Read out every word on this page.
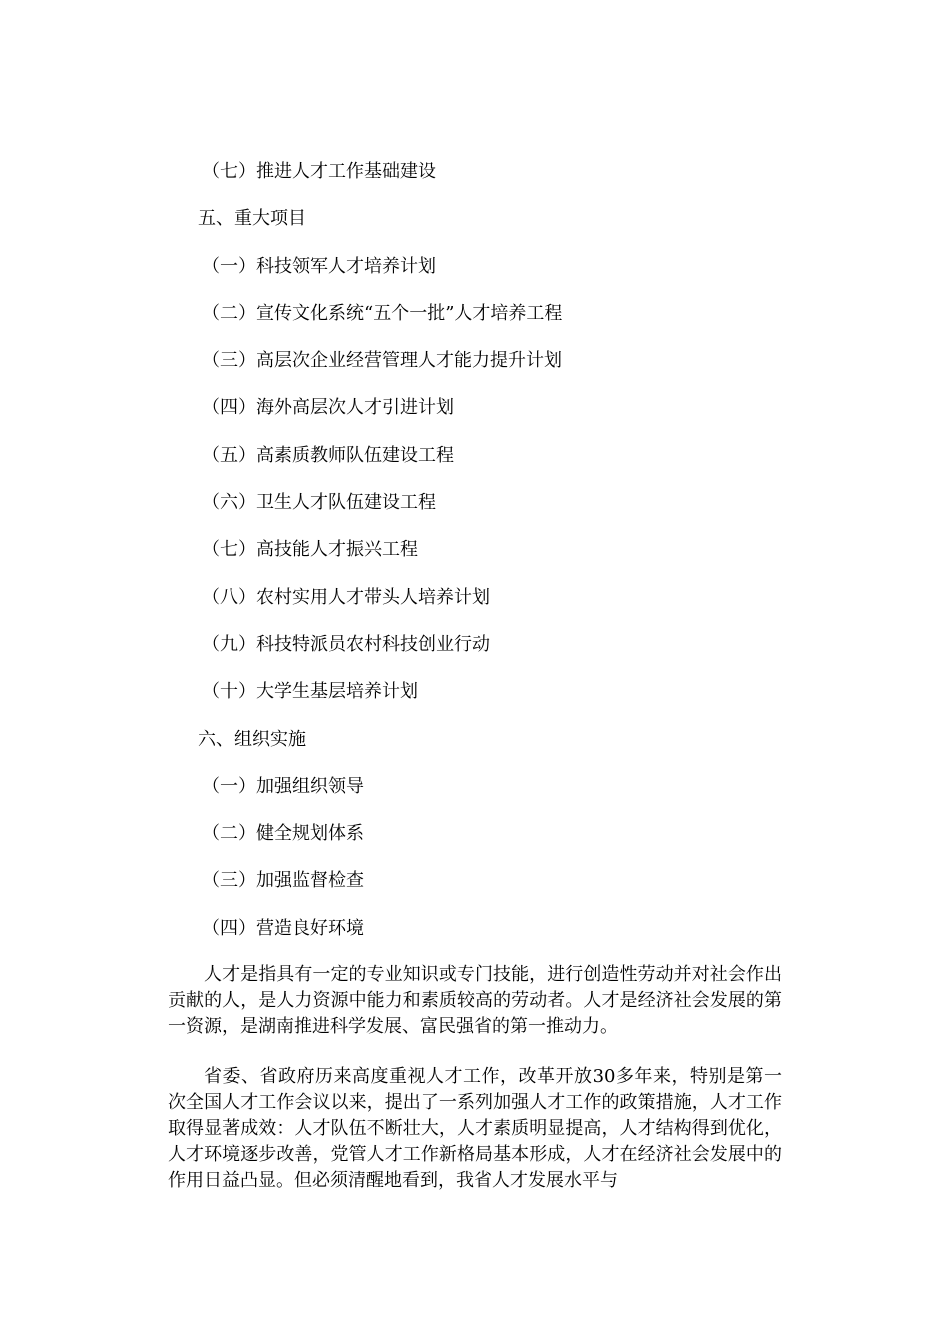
（七）推进人才工作基础建设
五、重大项目
（一）科技领军人才培养计划
（二）宣传文化系统“五个一批”人才培养工程
（三）高层次企业经营管理人才能力提升计划
（四）海外高层次人才引进计划
（五）高素质教师队伍建设工程
（六）卫生人才队伍建设工程
（七）高技能人才振兴工程
（八）农村实用人才带头人培养计划
（九）科技特派员农村科技创业行动
（十）大学生基层培养计划
六、组织实施
（一）加强组织领导
（二）健全规划体系
（三）加强监督检查
（四）营造良好环境

人才是指具有一定的专业知识或专门技能，进行创造性劳动并对社会作出贡献的人，是人力资源中能力和素质较高的劳动者。人才是经济社会发展的第一资源，是湖南推进科学发展、富民强省的第一推动力。

省委、省政府历来高度重视人才工作，改革开放30多年来，特别是第一次全国人才工作会议以来，提出了一系列加强人才工作的政策措施，人才工作取得显著成效：人才队伍不断壮大，人才素质明显提高，人才结构得到优化，人才环境逐步改善，党管人才工作新格局基本形成，人才在经济社会发展中的作用日益凸显。但必须清醒地看到，我省人才发展水平与
